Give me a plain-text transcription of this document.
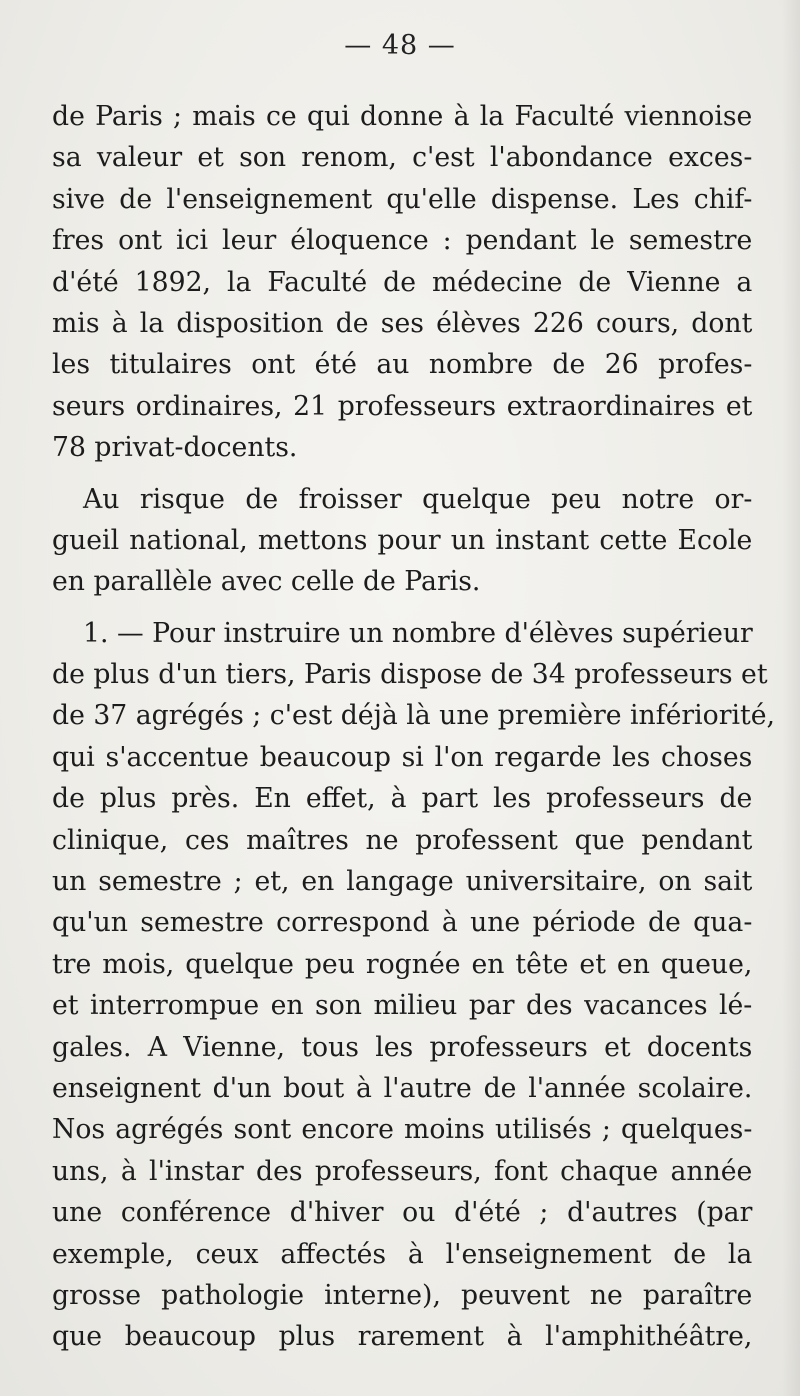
— 48 —
de Paris ; mais ce qui donne à la Faculté viennoise
sa valeur et son renom, c'est l'abondance exces-
sive de l'enseignement qu'elle dispense. Les chif-
fres ont ici leur éloquence : pendant le semestre
d'été 1892, la Faculté de médecine de Vienne a
mis à la disposition de ses élèves 226 cours, dont
les titulaires ont été au nombre de 26 profes-
seurs ordinaires, 21 professeurs extraordinaires et
78 privat-docents.
Au risque de froisser quelque peu notre or-
gueil national, mettons pour un instant cette Ecole
en parallèle avec celle de Paris.
1. — Pour instruire un nombre d'élèves supérieur
de plus d'un tiers, Paris dispose de 34 professeurs et
de 37 agrégés ; c'est déjà là une première infériorité,
qui s'accentue beaucoup si l'on regarde les choses
de plus près. En effet, à part les professeurs de
clinique, ces maîtres ne professent que pendant
un semestre ; et, en langage universitaire, on sait
qu'un semestre correspond à une période de qua-
tre mois, quelque peu rognée en tête et en queue,
et interrompue en son milieu par des vacances lé-
gales. A Vienne, tous les professeurs et docents
enseignent d'un bout à l'autre de l'année scolaire.
Nos agrégés sont encore moins utilisés ; quelques-
uns, à l'instar des professeurs, font chaque année
une conférence d'hiver ou d'été ; d'autres (par
exemple, ceux affectés à l'enseignement de la
grosse pathologie interne), peuvent ne paraître
que beaucoup plus rarement à l'amphithéâtre,
